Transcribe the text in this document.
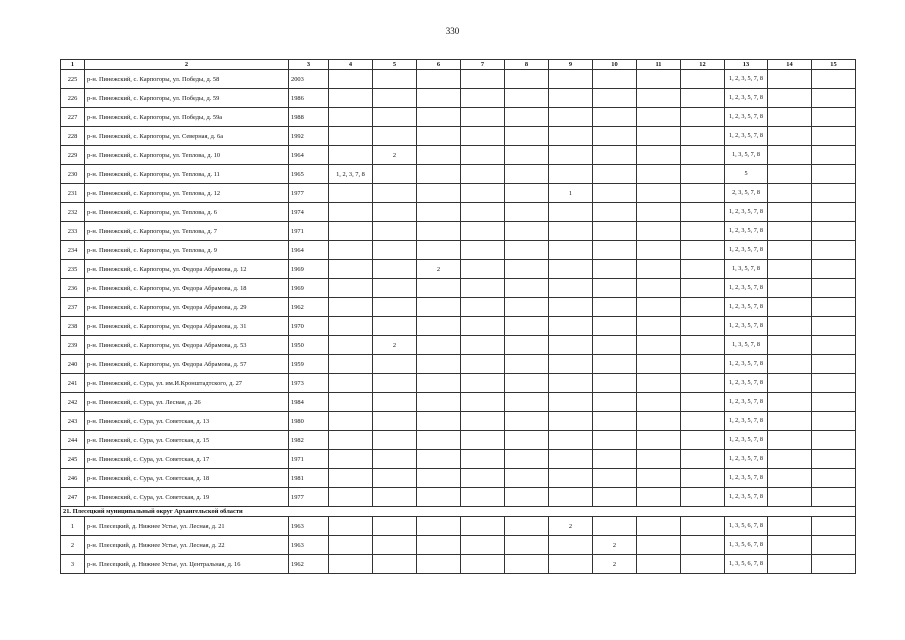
330
1	2	3	4	5	6	7	8	9	10	11	12	13	14	15
225	р-н. Пинежский, с. Карпогоры, ул. Победы, д. 58	2003										1, 2, 3, 5, 7, 8		
226	р-н. Пинежский, с. Карпогоры, ул. Победы, д. 59	1986										1, 2, 3, 5, 7, 8		
227	р-н. Пинежский, с. Карпогоры, ул. Победы, д. 59а	1988										1, 2, 3, 5, 7, 8		
228	р-н. Пинежский, с. Карпогоры, ул. Северная, д. 6а	1992										1, 2, 3, 5, 7, 8		
229	р-н. Пинежский, с. Карпогоры, ул. Теплова, д. 10	1964		2								1, 3, 5, 7, 8		
230	р-н. Пинежский, с. Карпогоры, ул. Теплова, д. 11	1965	1, 2, 3, 7, 8									5		
231	р-н. Пинежский, с. Карпогоры, ул. Теплова, д. 12	1977						1				2, 3, 5, 7, 8		
232	р-н. Пинежский, с. Карпогоры, ул. Теплова, д. 6	1974										1, 2, 3, 5, 7, 8		
233	р-н. Пинежский, с. Карпогоры, ул. Теплова, д. 7	1971										1, 2, 3, 5, 7, 8		
234	р-н. Пинежский, с. Карпогоры, ул. Теплова, д. 9	1964										1, 2, 3, 5, 7, 8		
235	р-н. Пинежский, с. Карпогоры, ул. Федора Абрамова, д. 12	1969			2							1, 3, 5, 7, 8		
236	р-н. Пинежский, с. Карпогоры, ул. Федора Абрамова, д. 18	1969										1, 2, 3, 5, 7, 8		
237	р-н. Пинежский, с. Карпогоры, ул. Федора Абрамова, д. 29	1962										1, 2, 3, 5, 7, 8		
238	р-н. Пинежский, с. Карпогоры, ул. Федора Абрамова, д. 31	1970										1, 2, 3, 5, 7, 8		
239	р-н. Пинежский, с. Карпогоры, ул. Федора Абрамова, д. 53	1950		2								1, 3, 5, 7, 8		
240	р-н. Пинежский, с. Карпогоры, ул. Федора Абрамова, д. 57	1959										1, 2, 3, 5, 7, 8		
241	р-н. Пинежский, с. Сура, ул. им.И.Кронштадтского, д. 27	1973										1, 2, 3, 5, 7, 8		
242	р-н. Пинежский, с. Сура, ул. Лесная, д. 26	1984										1, 2, 3, 5, 7, 8		
243	р-н. Пинежский, с. Сура, ул. Советская, д. 13	1980										1, 2, 3, 5, 7, 8		
244	р-н. Пинежский, с. Сура, ул. Советская, д. 15	1982										1, 2, 3, 5, 7, 8		
245	р-н. Пинежский, с. Сура, ул. Советская, д. 17	1971										1, 2, 3, 5, 7, 8		
246	р-н. Пинежский, с. Сура, ул. Советская, д. 18	1981										1, 2, 3, 5, 7, 8		
247	р-н. Пинежский, с. Сура, ул. Советская, д. 19	1977										1, 2, 3, 5, 7, 8		
21. Плесецкий муниципальный округ Архангельской области														
1	р-н. Плесецкий, д. Нижнее Устье, ул. Лесная, д. 21	1963						2				1, 3, 5, 6, 7, 8		
2	р-н. Плесецкий, д. Нижнее Устье, ул. Лесная, д. 22	1963							2			1, 3, 5, 6, 7, 8		
3	р-н. Плесецкий, д. Нижнее Устье, ул. Центральная, д. 16	1962							2			1, 3, 5, 6, 7, 8		
